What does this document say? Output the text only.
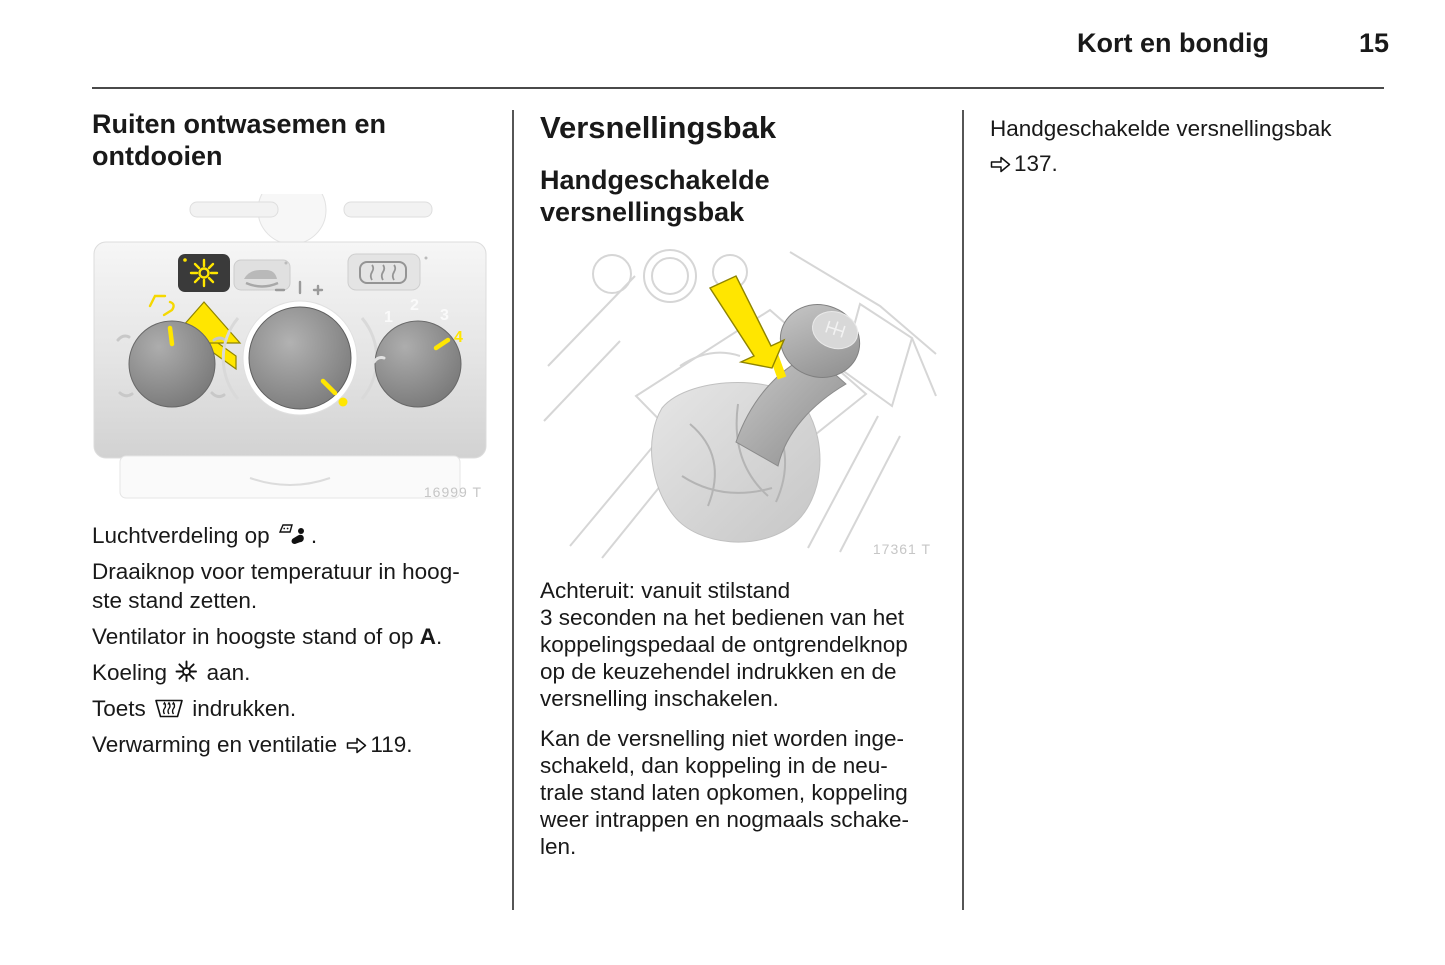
Kort en bondig	15
Ruiten ontwasemen en
ontdooien
1
2
3
4
16999 T

Luchtverdeling op .

Draaiknop voor temperatuur in hoog-
ste stand zetten.

Ventilator in hoogste stand of op A.

Koeling  aan.

Toets  indrukken.

Verwarming en ventilatie 119.

Versnellingsbak
Handgeschakelde
versnellingsbak
17361 T

Achteruit: vanuit stilstand
3 seconden na het bedienen van het
koppelingspedaal de ontgrendelknop
op de keuzehendel indrukken en de
versnelling inschakelen.

Kan de versnelling niet worden inge-
schakeld, dan koppeling in de neu-
trale stand laten opkomen, koppeling
weer intrappen en nogmaals schake-
len.

Handgeschakelde versnellingsbak

137.
